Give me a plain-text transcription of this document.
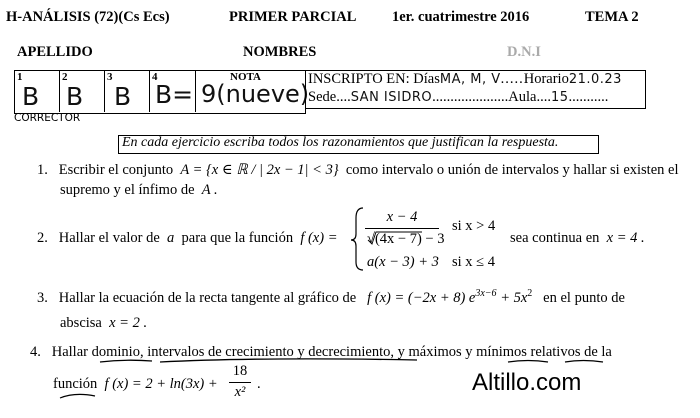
H-ANÁLISIS (72)(Cs Ecs)	PRIMER PARCIAL 1er. cuatrimestre 2016	TEMA 2
APELLIDO	NOMBRES	D.N.I
1	2	3	4	NOTA
B B B B= 9(nueve)
CORRECTOR
INSCRIPTO EN: DíasMA, M, V.....Horario21.0.23
Sede....SAN ISIDRO.....................Aula....15...........
En cada ejercicio escriba todos los razonamientos que justifican la respuesta.
1. Escribir el conjunto A = {x ∈ ℝ / | 2x − 1| < 3} como intervalo o unión de intervalos y hallar si existen el
supremo y el ínfimo de A .
2. Hallar el valor de a para que la función f (x) =
x − 4
√(4x − 7) − 3
si x > 4
a(x − 3) + 3 si x ≤ 4
sea continua en x = 4 .
3. Hallar la ecuación de la recta tangente al gráfico de f (x) = (−2x + 8) $e^{3x-6} + 5x^2$ en el punto de
abscisa x = 2 .
4. Hallar dominio, intervalos de crecimiento y decrecimiento, y máximos y mínimos relativos de la
función f (x) = 2 + ln(3x) +
18
x² .	Altillo.com
